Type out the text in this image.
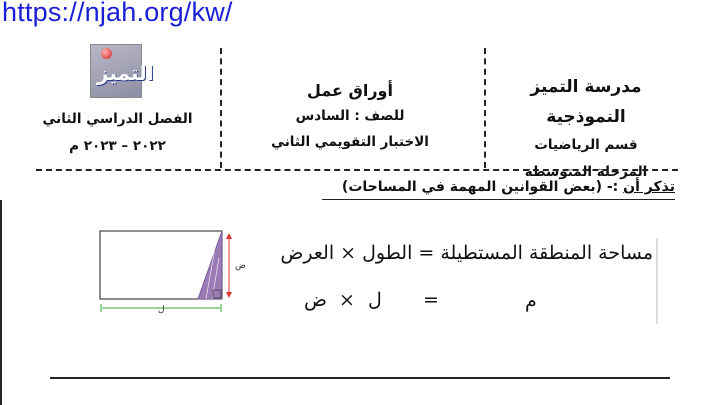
https://njah.org/kw/
التميز
مدرسة التميز النموذجية
قسم الرياضيات
المرحلة المتوسطة
أوراق عمل
للصف : السادس
الاختبار التقويمي الثاني
الفصل الدراسي الثاني
٢٠٢٢ – ٢٠٢٣ م
تذكر أن :- (بعض القوانين المهمة في المساحات)
ض
ل
مساحة المنطقة المستطيلة = الطول × العرض
م
=
ل
×
ض
